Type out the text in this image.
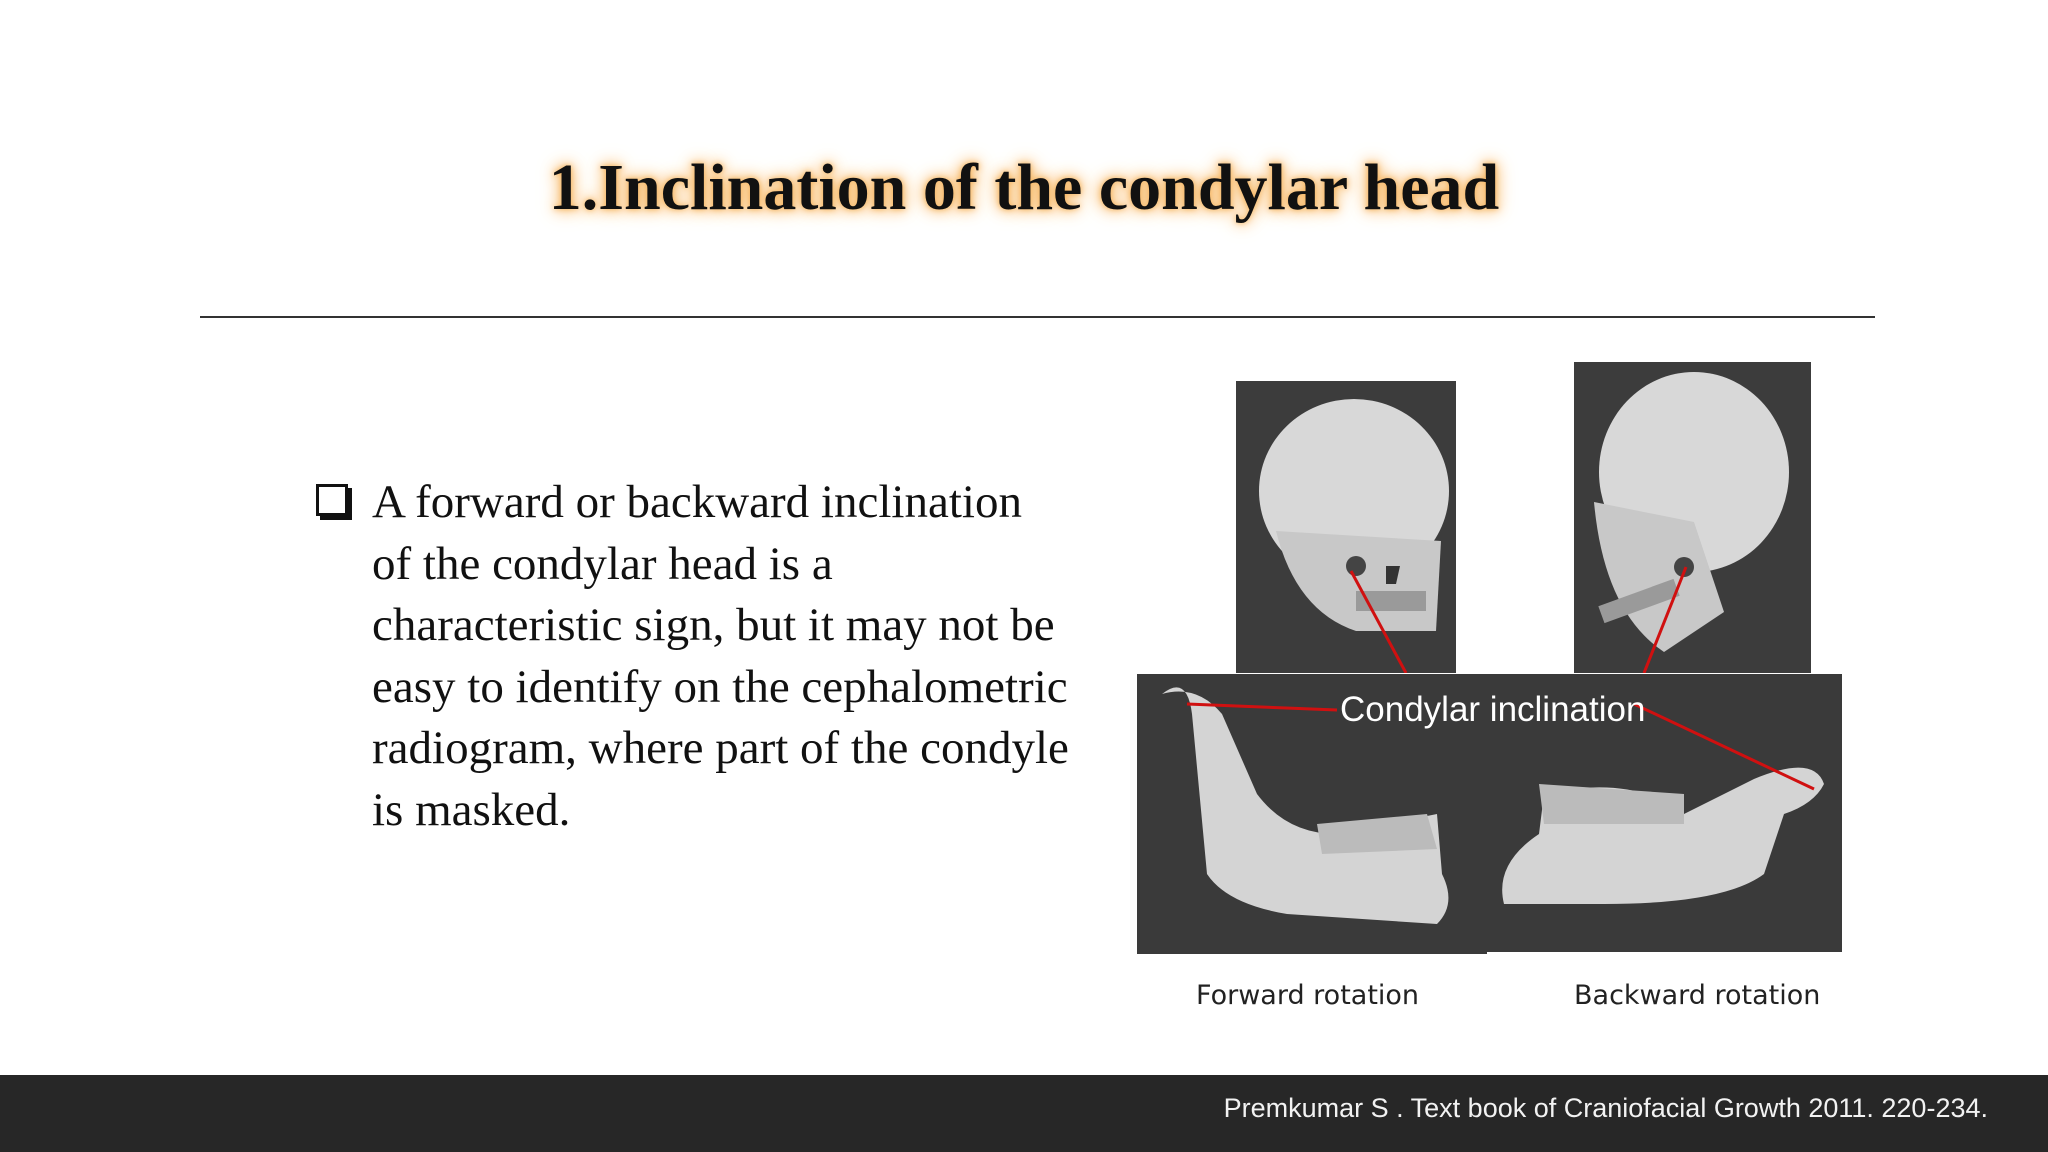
1.Inclination of the condylar head
A forward or backward inclination of the condylar head is a characteristic sign, but it may not be easy to identify on the cephalometric radiogram, where part of the condyle is masked.
Condylar inclination
Forward rotation	Backward rotation
Premkumar S . Text book of Craniofacial Growth 2011. 220-234.
